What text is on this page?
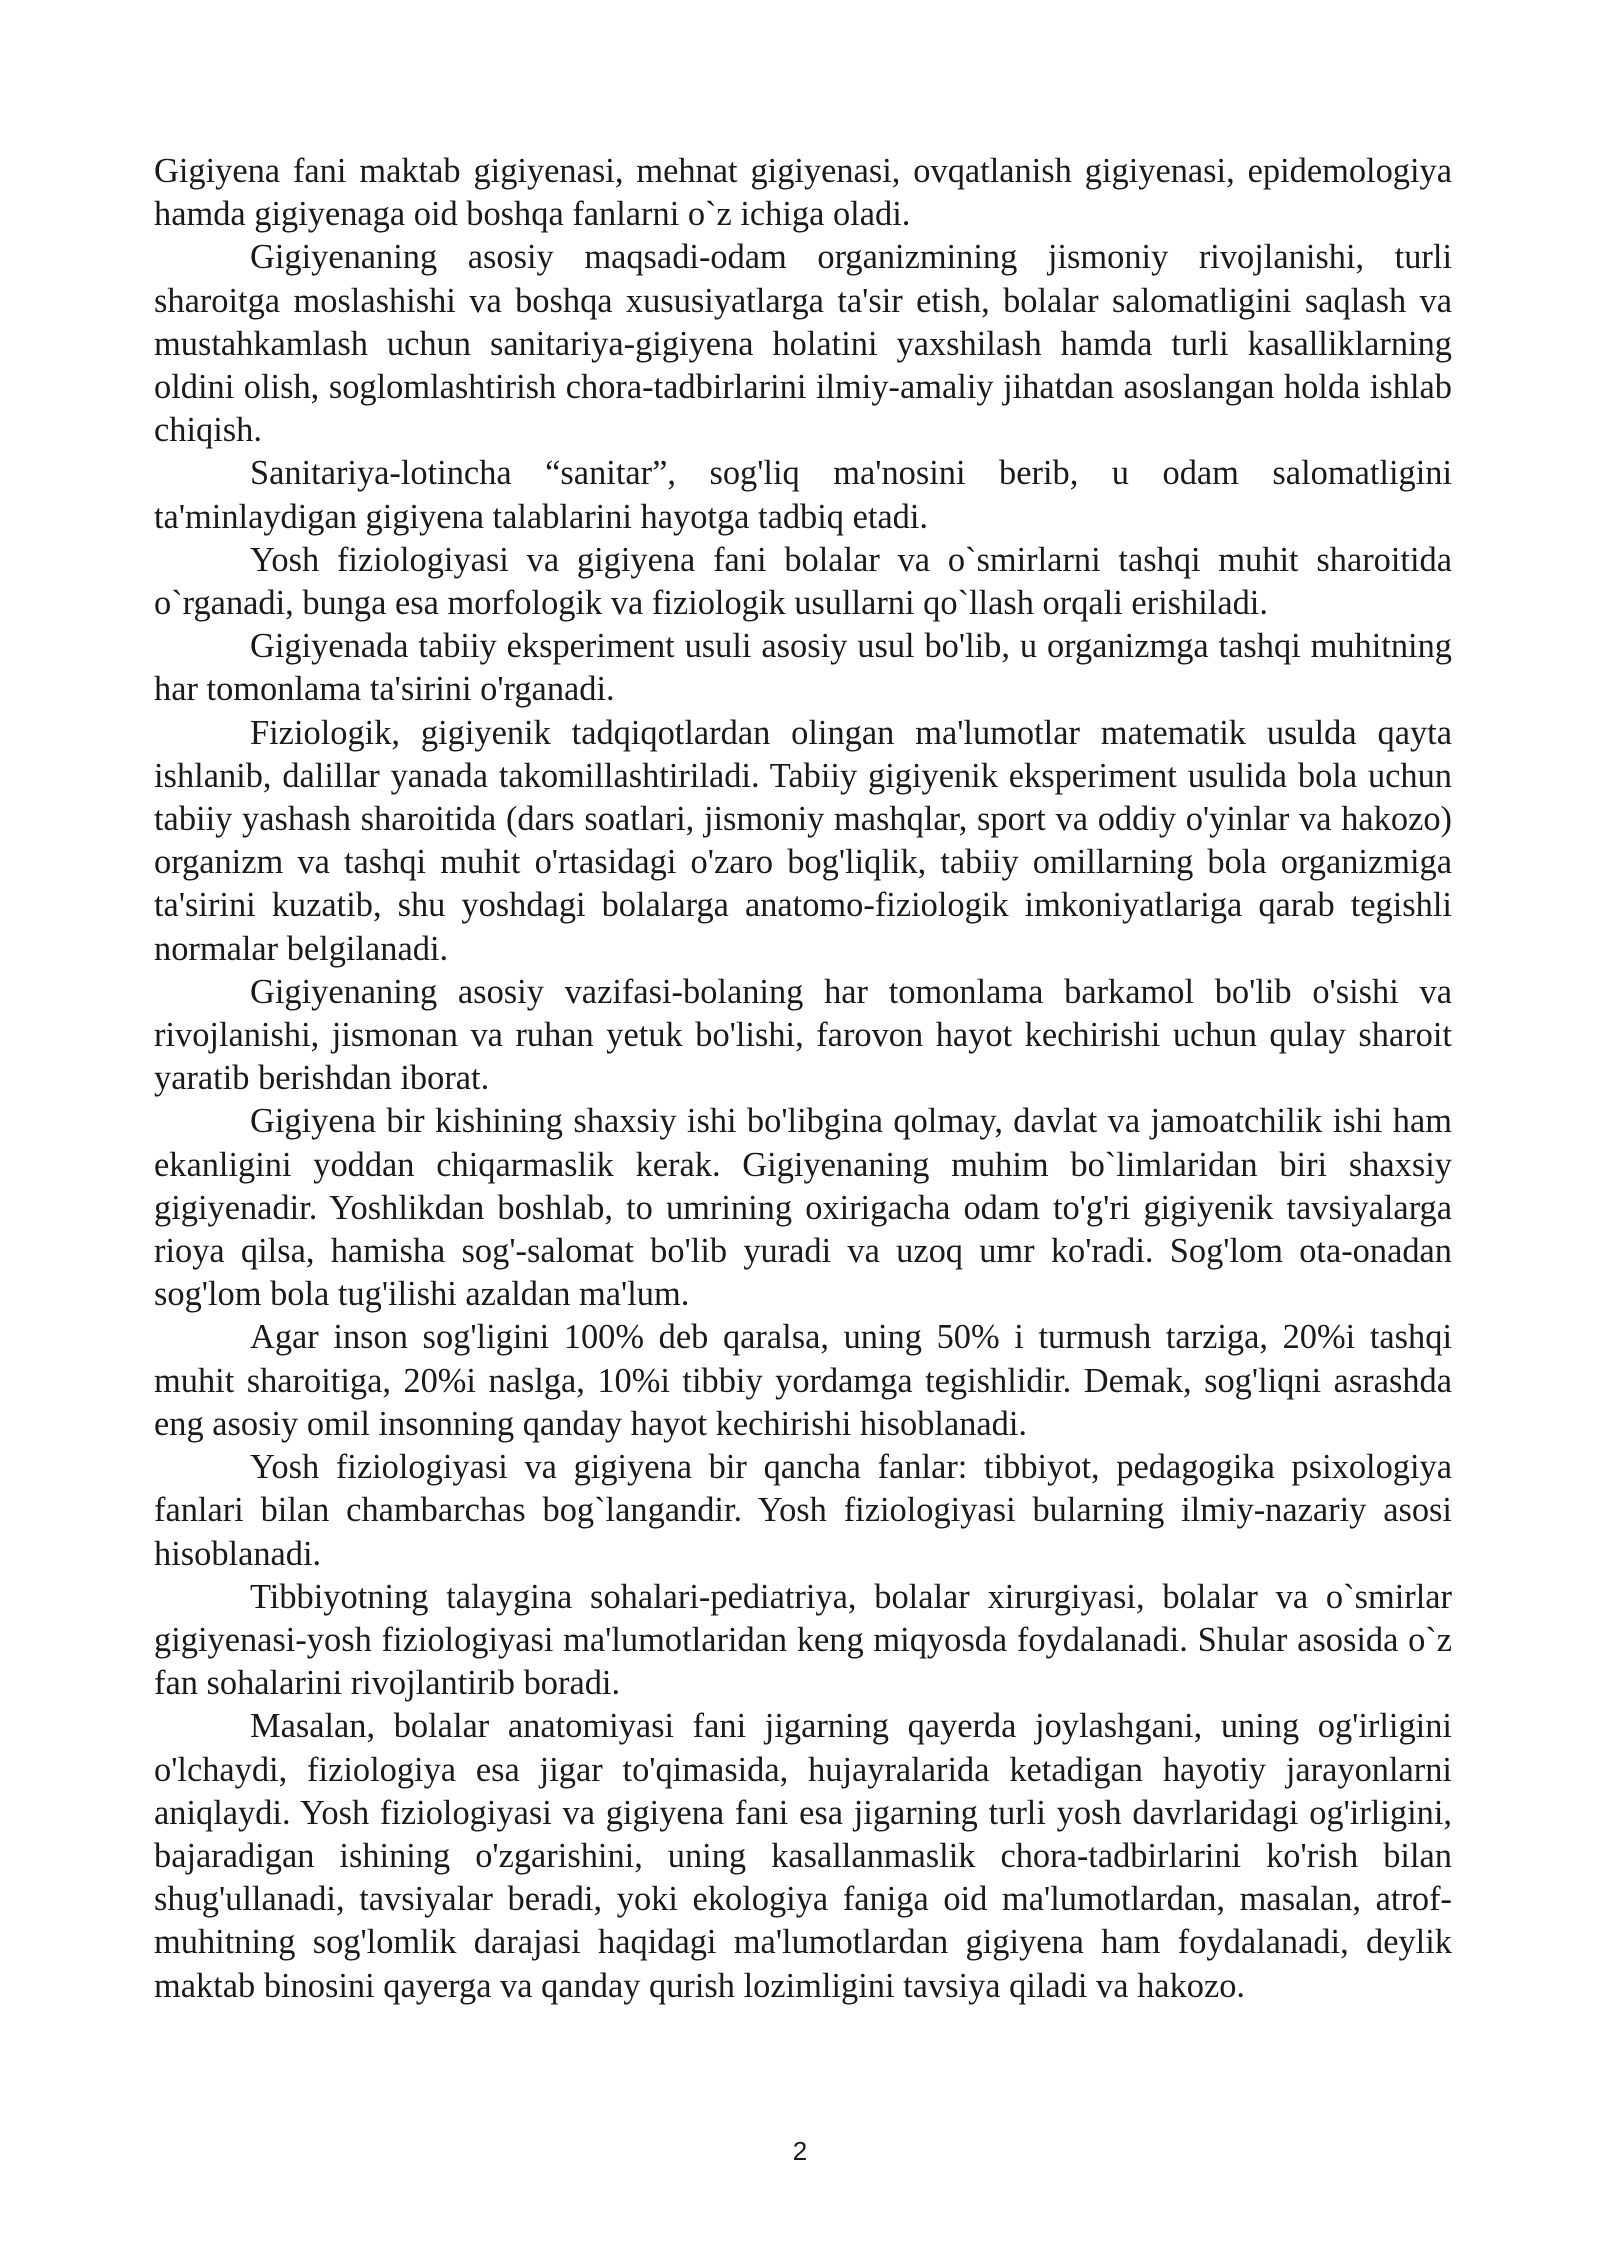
Gigiyena fani maktab gigiyenasi, mehnat gigiyenasi, ovqatlanish gigiyenasi, epidemologiya hamda gigiyenaga oid boshqa fanlarni o`z ichiga oladi.

Gigiyenaning asosiy maqsadi-odam organizmining jismoniy rivojlanishi, turli sharoitga moslashishi va boshqa xususiyatlarga ta'sir etish, bolalar salomatligini saqlash va mustahkamlash uchun sanitariya-gigiyena holatini yaxshilash hamda turli kasalliklarning oldini olish, soglomlashtirish chora-tadbirlarini ilmiy-amaliy jihatdan asoslangan holda ishlab chiqish.

Sanitariya-lotincha “sanitar”, sog'liq ma'nosini berib, u odam salomatligini ta'minlaydigan gigiyena talablarini hayotga tadbiq etadi.

Yosh fiziologiyasi va gigiyena fani bolalar va o`smirlarni tashqi muhit sharoitida o`rganadi, bunga esa morfologik va fiziologik usullarni qo`llash orqali erishiladi.

Gigiyenada tabiiy eksperiment usuli asosiy usul bo'lib, u organizmga tashqi muhitning har tomonlama ta'sirini o'rganadi.

Fiziologik, gigiyenik tadqiqotlardan olingan ma'lumotlar matematik usulda qayta ishlanib, dalillar yanada takomillashtiriladi. Tabiiy gigiyenik eksperiment usulida bola uchun tabiiy yashash sharoitida (dars soatlari, jismoniy mashqlar, sport va oddiy o'yinlar va hakozo) organizm va tashqi muhit o'rtasidagi o'zaro bog'liqlik, tabiiy omillarning bola organizmiga ta'sirini kuzatib, shu yoshdagi bolalarga anatomo-fiziologik imkoniyatlariga qarab tegishli normalar belgilanadi.

Gigiyenaning asosiy vazifasi-bolaning har tomonlama barkamol bo'lib o'sishi va rivojlanishi, jismonan va ruhan yetuk bo'lishi, farovon hayot kechirishi uchun qulay sharoit yaratib berishdan iborat.

Gigiyena bir kishining shaxsiy ishi bo'libgina qolmay, davlat va jamoatchilik ishi ham ekanligini yoddan chiqarmaslik kerak. Gigiyenaning muhim bo`limlaridan biri shaxsiy gigiyenadir. Yoshlikdan boshlab, to umrining oxirigacha odam to'g'ri gigiyenik tavsiyalarga rioya qilsa, hamisha sog'-salomat bo'lib yuradi va uzoq umr ko'radi. Sog'lom ota-onadan sog'lom bola tug'ilishi azaldan ma'lum.

Agar inson sog'ligini 100% deb qaralsa, uning 50% i turmush tarziga, 20%i tashqi muhit sharoitiga, 20%i naslga, 10%i tibbiy yordamga tegishlidir. Demak, sog'liqni asrashda eng asosiy omil insonning qanday hayot kechirishi hisoblanadi.

Yosh fiziologiyasi va gigiyena bir qancha fanlar: tibbiyot, pedagogika psixologiya fanlari bilan chambarchas bog`langandir. Yosh fiziologiyasi bularning ilmiy-nazariy asosi hisoblanadi.

Tibbiyotning talaygina sohalari-pediatriya, bolalar xirurgiyasi, bolalar va o`smirlar gigiyenasi-yosh fiziologiyasi ma'lumotlaridan keng miqyosda foydalanadi. Shular asosida o`z fan sohalarini rivojlantirib boradi.

Masalan, bolalar anatomiyasi fani jigarning qayerda joylashgani, uning og'irligini o'lchaydi, fiziologiya esa jigar to'qimasida, hujayralarida ketadigan hayotiy jarayonlarni aniqlaydi. Yosh fiziologiyasi va gigiyena fani esa jigarning turli yosh davrlaridagi og'irligini, bajaradigan ishining o'zgarishini, uning kasallanmaslik chora-tadbirlarini ko'rish bilan shug'ullanadi, tavsiyalar beradi, yoki ekologiya faniga oid ma'lumotlardan, masalan, atrof-muhitning sog'lomlik darajasi haqidagi ma'lumotlardan gigiyena ham foydalanadi, deylik maktab binosini qayerga va qanday qurish lozimligini tavsiya qiladi va hakozo.

2
